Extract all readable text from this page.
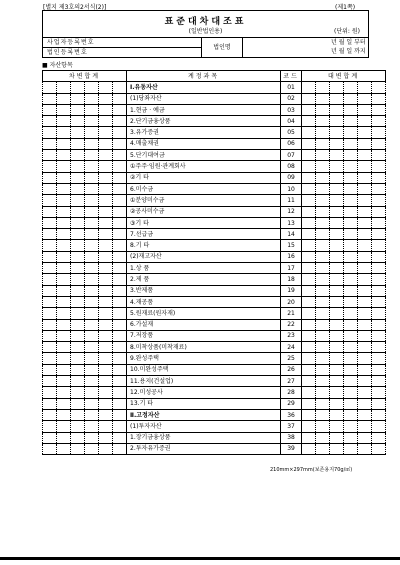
[별지 제3호의2서식(2)]	(제1쪽)
표준대차대조표
(일반법인용)	(단위: 원)
사업자등록번호
법인등록번호
법인명
년 월 일 부터
년 월 일 까지
■ 자산항목
차변합계						계정과목	코드	대변합계					
						Ⅰ.유동자산	01						
						(1)당좌자산	02						
						1.현금 · 예금	03						
						2.단기금융상품	04						
						3.유가증권	05						
						4.매출채권	06						
						5.단기대여금	07						
						①주주·임원·관계회사	08						
						②기 타	09						
						6.미수금	10						
						①분양미수금	11						
						②공사미수금	12						
						③기 타	13						
						7.선급금	14						
						8.기 타	15						
						(2)재고자산	16						
						1.상 품	17						
						2.제 품	18						
						3.반제품	19						
						4.재공품	20						
						5.원재료(원자재)	21						
						6.가설재	22						
						7.저장품	23						
						8.미착상품(미착재료)	24						
						9.완성주택	25						
						10.미완성주택	26						
						11.용지(건설업)	27						
						12.미성공사	28						
						13.기 타	29						
						Ⅱ.고정자산	36						
						(1)투자자산	37						
						1.장기금융상품	38						
						2.투자유가증권	39						
210mm×297mm(보존용지70g/㎡)
